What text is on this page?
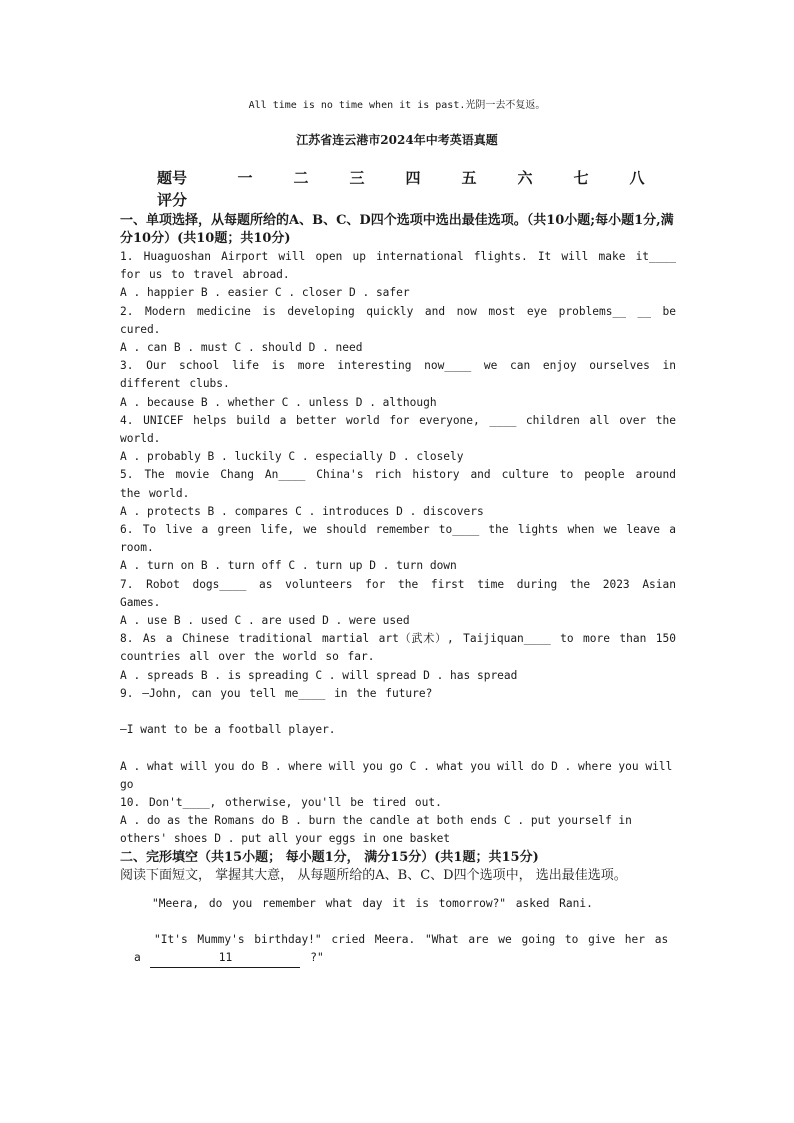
All time is no time when it is past.光阴一去不复返。
江苏省连云港市2024年中考英语真题
题号	一	二	三	四	五	六	七	八
评分
一、单项选择，从每题所给的A、B、C、D四个选项中选出最佳选项。（共10小题;每小题1分,满分10分）(共10题；共10分)
1. Huaguoshan Airport will open up international flights. It will make it____ for us to travel abroad.
A . happier B . easier C . closer D . safer
2. Modern medicine is developing quickly and now most eye problems__ __ be cured.
A . can B . must C . should D . need
3. Our school life is more interesting now____ we can enjoy ourselves in different clubs.
A . because B . whether C . unless D . although
4. UNICEF helps build a better world for everyone, ____ children all over the world.
A . probably B . luckily C . especially D . closely
5. The movie Chang An____ China's rich history and culture to people around the world.
A . protects B . compares C . introduces D . discovers
6. To live a green life, we should remember to____ the lights when we leave a room.
A . turn on B . turn off C . turn up D . turn down
7. Robot dogs____ as volunteers for the first time during the 2023 Asian Games.
A . use B . used C . are used D . were used
8. As a Chinese traditional martial art（武术）, Taijiquan____ to more than 150 countries all over the world so far.
A . spreads B . is spreading C . will spread D . has spread
9. —John, can you tell me____ in the future?
—I want to be a football player.
A . what will you do B . where will you go C . what you will do D . where you will go
10. Don't____, otherwise, you'll be tired out.
A . do as the Romans do B . burn the candle at both ends C . put yourself in others' shoes D . put all your eggs in one basket
二、完形填空（共15小题； 每小题1分， 满分15分）(共1题；共15分)
阅读下面短文， 掌握其大意， 从每题所给的A、B、C、D四个选项中， 选出最佳选项。

"Meera, do you remember what day it is tomorrow?" asked Rani.

"It's Mummy's birthday!" cried Meera. "What are we going to give her as a	11	?"
